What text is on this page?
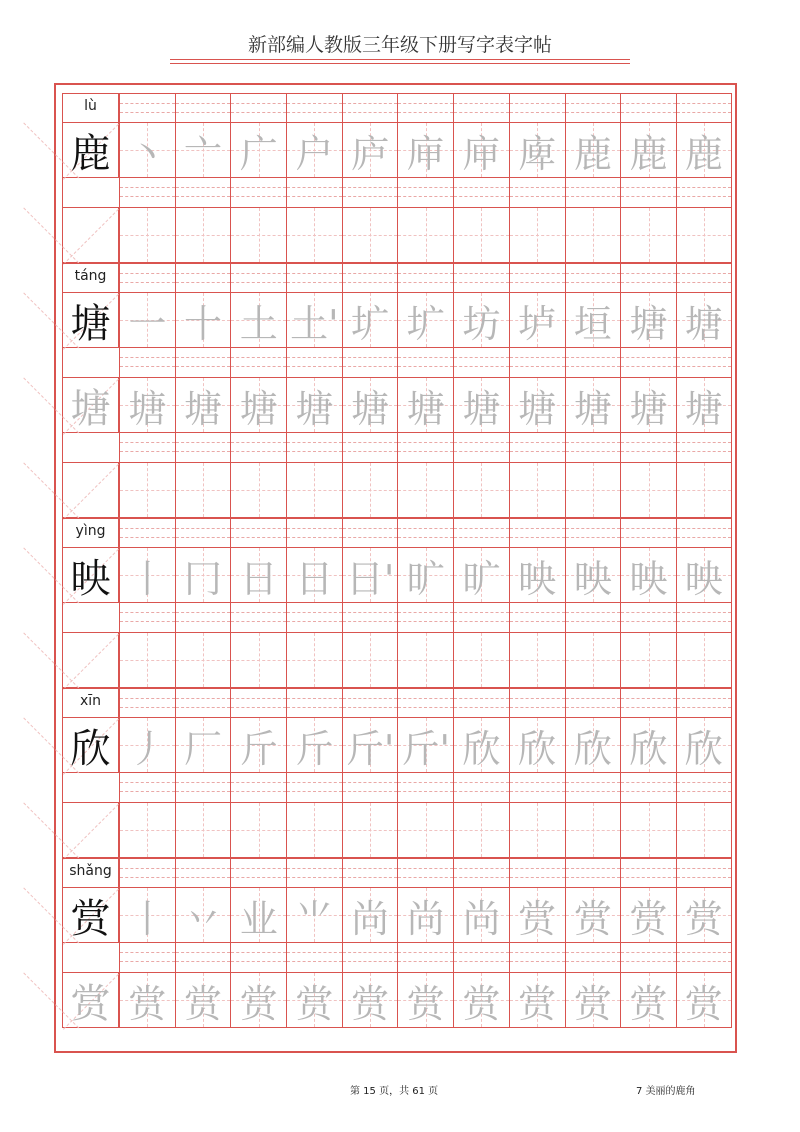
新部编人教版三年级下册写字表字帖
lù
鹿 丶 亠 广 户 庐 庘 庘 庳 鹿 鹿 鹿
táng
塘 一 十 土 土' 圹 圹 坊 垆 垣 塘 塘
塘 塘 塘 塘 塘 塘 塘 塘 塘 塘 塘 塘
yìng
映 丨 冂 日 日 日' 旷 旷 映 映 映 映
xīn
欣 丿 厂 斤 斤 斤' 斤' 欣 欣 欣 欣 欣
shǎng
赏 丨 丷 业 ⺌ 尚 尚 尚 赏 赏 赏 赏
赏 赏 赏 赏 赏 赏 赏 赏 赏 赏 赏 赏
第 15 页，共 61 页	7 美丽的鹿角
